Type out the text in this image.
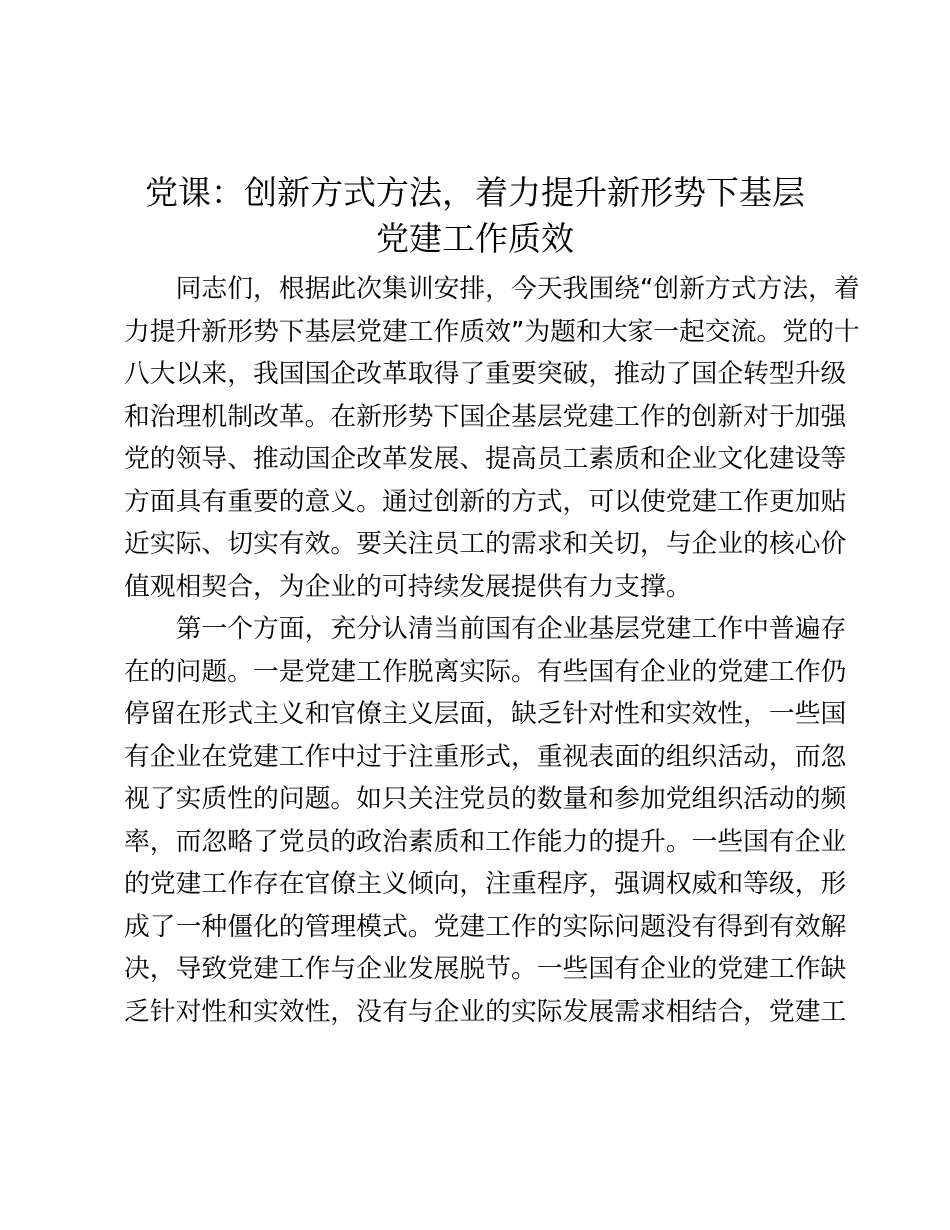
党课：创新方式方法，着力提升新形势下基层
党建工作质效
　　同志们，根据此次集训安排，今天我围绕“创新方式方法，着
力提升新形势下基层党建工作质效”为题和大家一起交流。党的十
八大以来，我国国企改革取得了重要突破，推动了国企转型升级
和治理机制改革。在新形势下国企基层党建工作的创新对于加强
党的领导、推动国企改革发展、提高员工素质和企业文化建设等
方面具有重要的意义。通过创新的方式，可以使党建工作更加贴
近实际、切实有效。要关注员工的需求和关切，与企业的核心价
值观相契合，为企业的可持续发展提供有力支撑。
　　第一个方面，充分认清当前国有企业基层党建工作中普遍存
在的问题。一是党建工作脱离实际。有些国有企业的党建工作仍
停留在形式主义和官僚主义层面，缺乏针对性和实效性，一些国
有企业在党建工作中过于注重形式，重视表面的组织活动，而忽
视了实质性的问题。如只关注党员的数量和参加党组织活动的频
率，而忽略了党员的政治素质和工作能力的提升。一些国有企业
的党建工作存在官僚主义倾向，注重程序，强调权威和等级，形
成了一种僵化的管理模式。党建工作的实际问题没有得到有效解
决，导致党建工作与企业发展脱节。一些国有企业的党建工作缺
乏针对性和实效性，没有与企业的实际发展需求相结合，党建工
